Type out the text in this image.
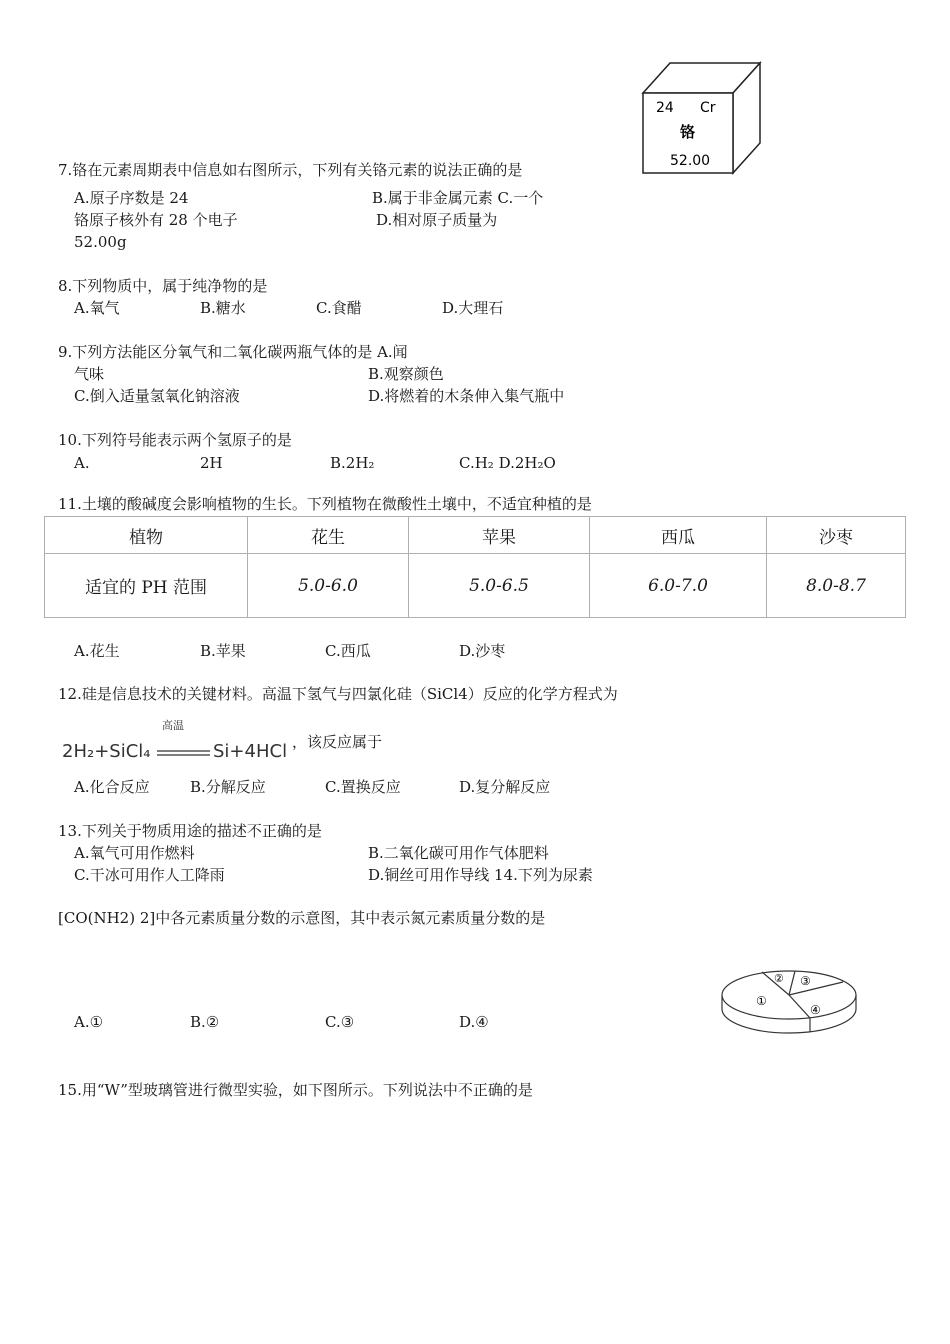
24 Cr
铬
52.00
7.铬在元素周期表中信息如右图所示，下列有关铬元素的说法正确的是
A.原子序数是 24	B.属于非金属元素 C.一个
铬原子核外有 28 个电子	D.相对原子质量为
52.00g
8.下列物质中，属于纯净物的是
A.氧气	B.糖水	C.食醋	D.大理石
9.下列方法能区分氧气和二氧化碳两瓶气体的是 A.闻
气味	B.观察颜色
C.倒入适量氢氧化钠溶液	D.将燃着的木条伸入集气瓶中
10.下列符号能表示两个氢原子的是
A.	2H	B.2H₂	C.H₂ D.2H₂O
11.土壤的酸碱度会影响植物的生长。下列植物在微酸性土壤中，不适宜种植的是
植物	花生	苹果	西瓜	沙枣
适宜的 PH 范围	5.0-6.0	5.0-6.5	6.0-7.0	8.0-8.7
A.花生	B.苹果	C.西瓜	D.沙枣
12.硅是信息技术的关键材料。高温下氢气与四氯化硅（SiCl4）反应的化学方程式为
2H₂+SiCl₄
高温
Si+4HCl ，该反应属于
A.化合反应	B.分解反应	C.置换反应	D.复分解反应
13.下列关于物质用途的描述不正确的是
A.氧气可用作燃料	B.二氧化碳可用作气体肥料
C.干冰可用作人工降雨	D.铜丝可用作导线 14.下列为尿素
[CO(NH2) 2]中各元素质量分数的示意图，其中表示氮元素质量分数的是
A.①	B.②	C.③	D.④
①
② ③
④
15.用“W”型玻璃管进行微型实验，如下图所示。下列说法中不正确的是
